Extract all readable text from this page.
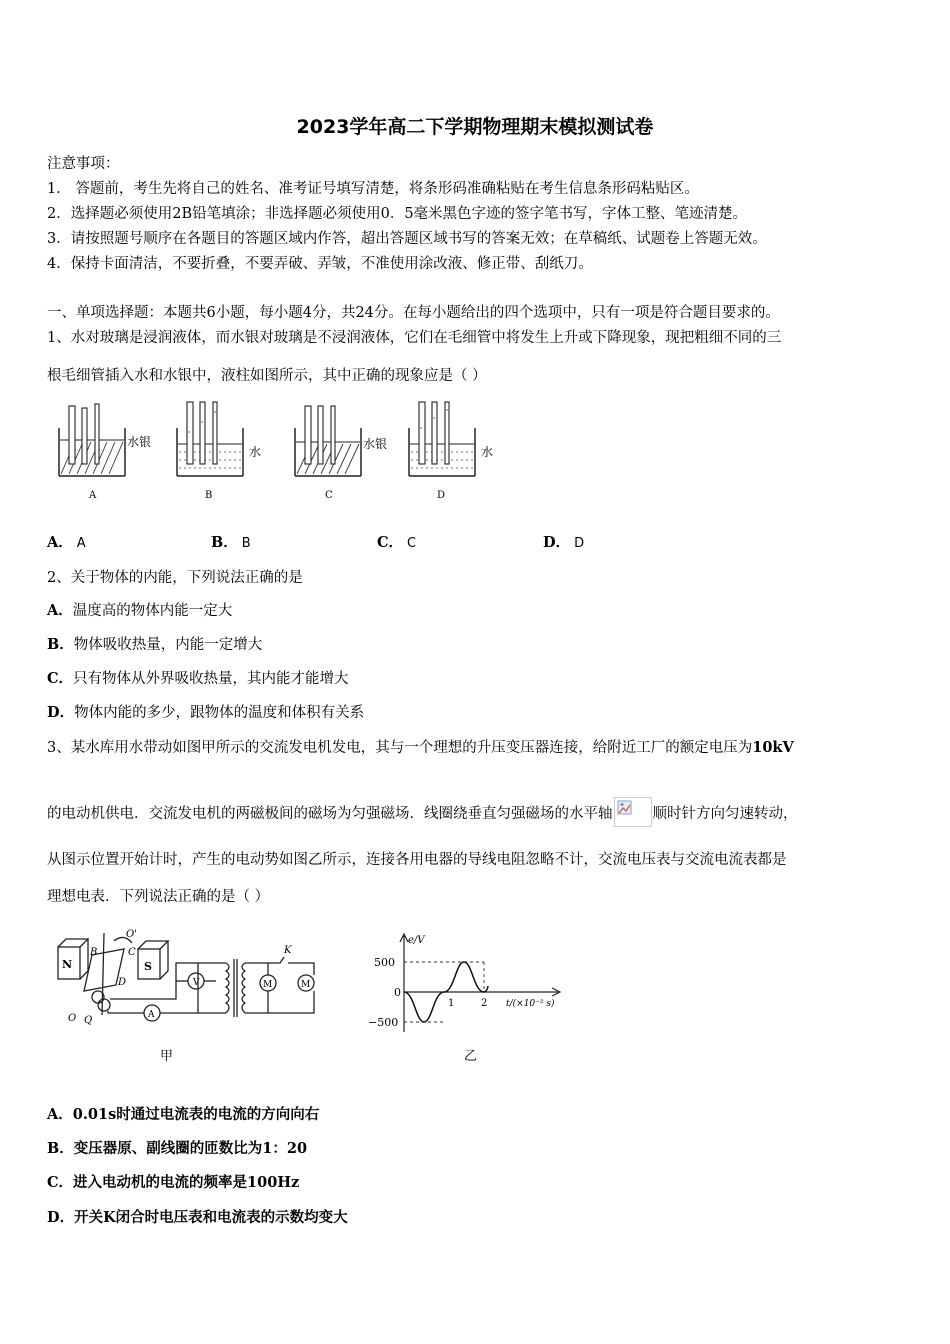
2023学年高二下学期物理期末模拟测试卷
注意事项：
1． 答题前，考生先将自己的姓名、准考证号填写清楚，将条形码准确粘贴在考生信息条形码粘贴区。
2．选择题必须使用2B铅笔填涂；非选择题必须使用0．5毫米黑色字迹的签字笔书写，字体工整、笔迹清楚。
3．请按照题号顺序在各题目的答题区域内作答，超出答题区域书写的答案无效；在草稿纸、试题卷上答题无效。
4．保持卡面清洁，不要折叠，不要弄破、弄皱，不准使用涂改液、修正带、刮纸刀。
一、单项选择题：本题共6小题，每小题4分，共24分。在每小题给出的四个选项中，只有一项是符合题目要求的。
1、水对玻璃是浸润液体，而水银对玻璃是不浸润液体，它们在毛细管中将发生上升或下降现象，现把粗细不同的三
根毛细管插入水和水银中，液柱如图所示，其中正确的现象应是（ ）
水银
A
水
B
水银
C
水
D
A． A	B． B	C． C	D． D
2、关于物体的内能，下列说法正确的是
A．温度高的物体内能一定大
B．物体吸收热量，内能一定增大
C．只有物体从外界吸收热量，其内能才能增大
D．物体内能的多少，跟物体的温度和体积有关系
3、某水库用水带动如图甲所示的交流发电机发电，其与一个理想的升压变压器连接，给附近工厂的额定电压为10kV
的电动机供电．交流发电机的两磁极间的磁场为匀强磁场．线圈绕垂直匀强磁场的水平轴	顺时针方向匀速转动，
从图示位置开始计时，产生的电动势如图乙所示，连接各用电器的导线电阻忽略不计，交流电压表与交流电流表都是
理想电表．下列说法正确的是（ ）
N	S
V
A
M	M
K
B	C
D
O
O'
Q
甲
e/V
500
0
−500
1	2 t/(×10⁻² s)
乙
A．0.01s时通过电流表的电流的方向向右
B．变压器原、副线圈的匝数比为1：20
C．进入电动机的电流的频率是100Hz
D．开关K闭合时电压表和电流表的示数均变大
